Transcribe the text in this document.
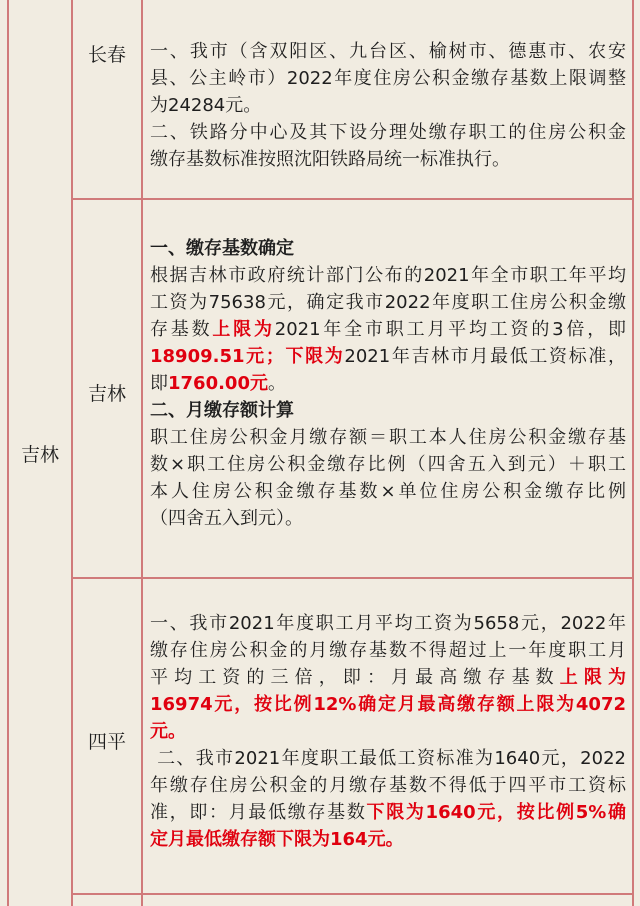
吉林
长春 一、我市（含双阳区、九台区、榆树市、德惠市、农安

县、公主岭市）2022年度住房公积金缴存基数上限调整

为24284元。

二、铁路分中心及其下设分理处缴存职工的住房公积金

缴存基数标准按照沈阳铁路局统一标准执行。

吉林

一、缴存基数确定

根据吉林市政府统计部门公布的2021年全市职工年平均

工资为75638元，确定我市2022年度职工住房公积金缴

存基数上限为2021年全市职工月平均工资的3倍，即

18909.51元；下限为2021年吉林市月最低工资标准，

即1760.00元。

二、月缴存额计算

职工住房公积金月缴存额＝职工本人住房公积金缴存基

数×职工住房公积金缴存比例（四舍五入到元）＋职工

本人住房公积金缴存基数×单位住房公积金缴存比例

（四舍五入到元）。

四平

一、我市2021年度职工月平均工资为5658元，2022年

缴存住房公积金的月缴存基数不得超过上一年度职工月

平均工资的三倍，即：月最高缴存基数上限为

16974元，按比例12%确定月最高缴存额上限为4072

元。

二、我市2021年度职工最低工资标准为1640元，2022

年缴存住房公积金的月缴存基数不得低于四平市工资标

准，即：月最低缴存基数下限为1640元，按比例5%确

定月最低缴存额下限为164元。
